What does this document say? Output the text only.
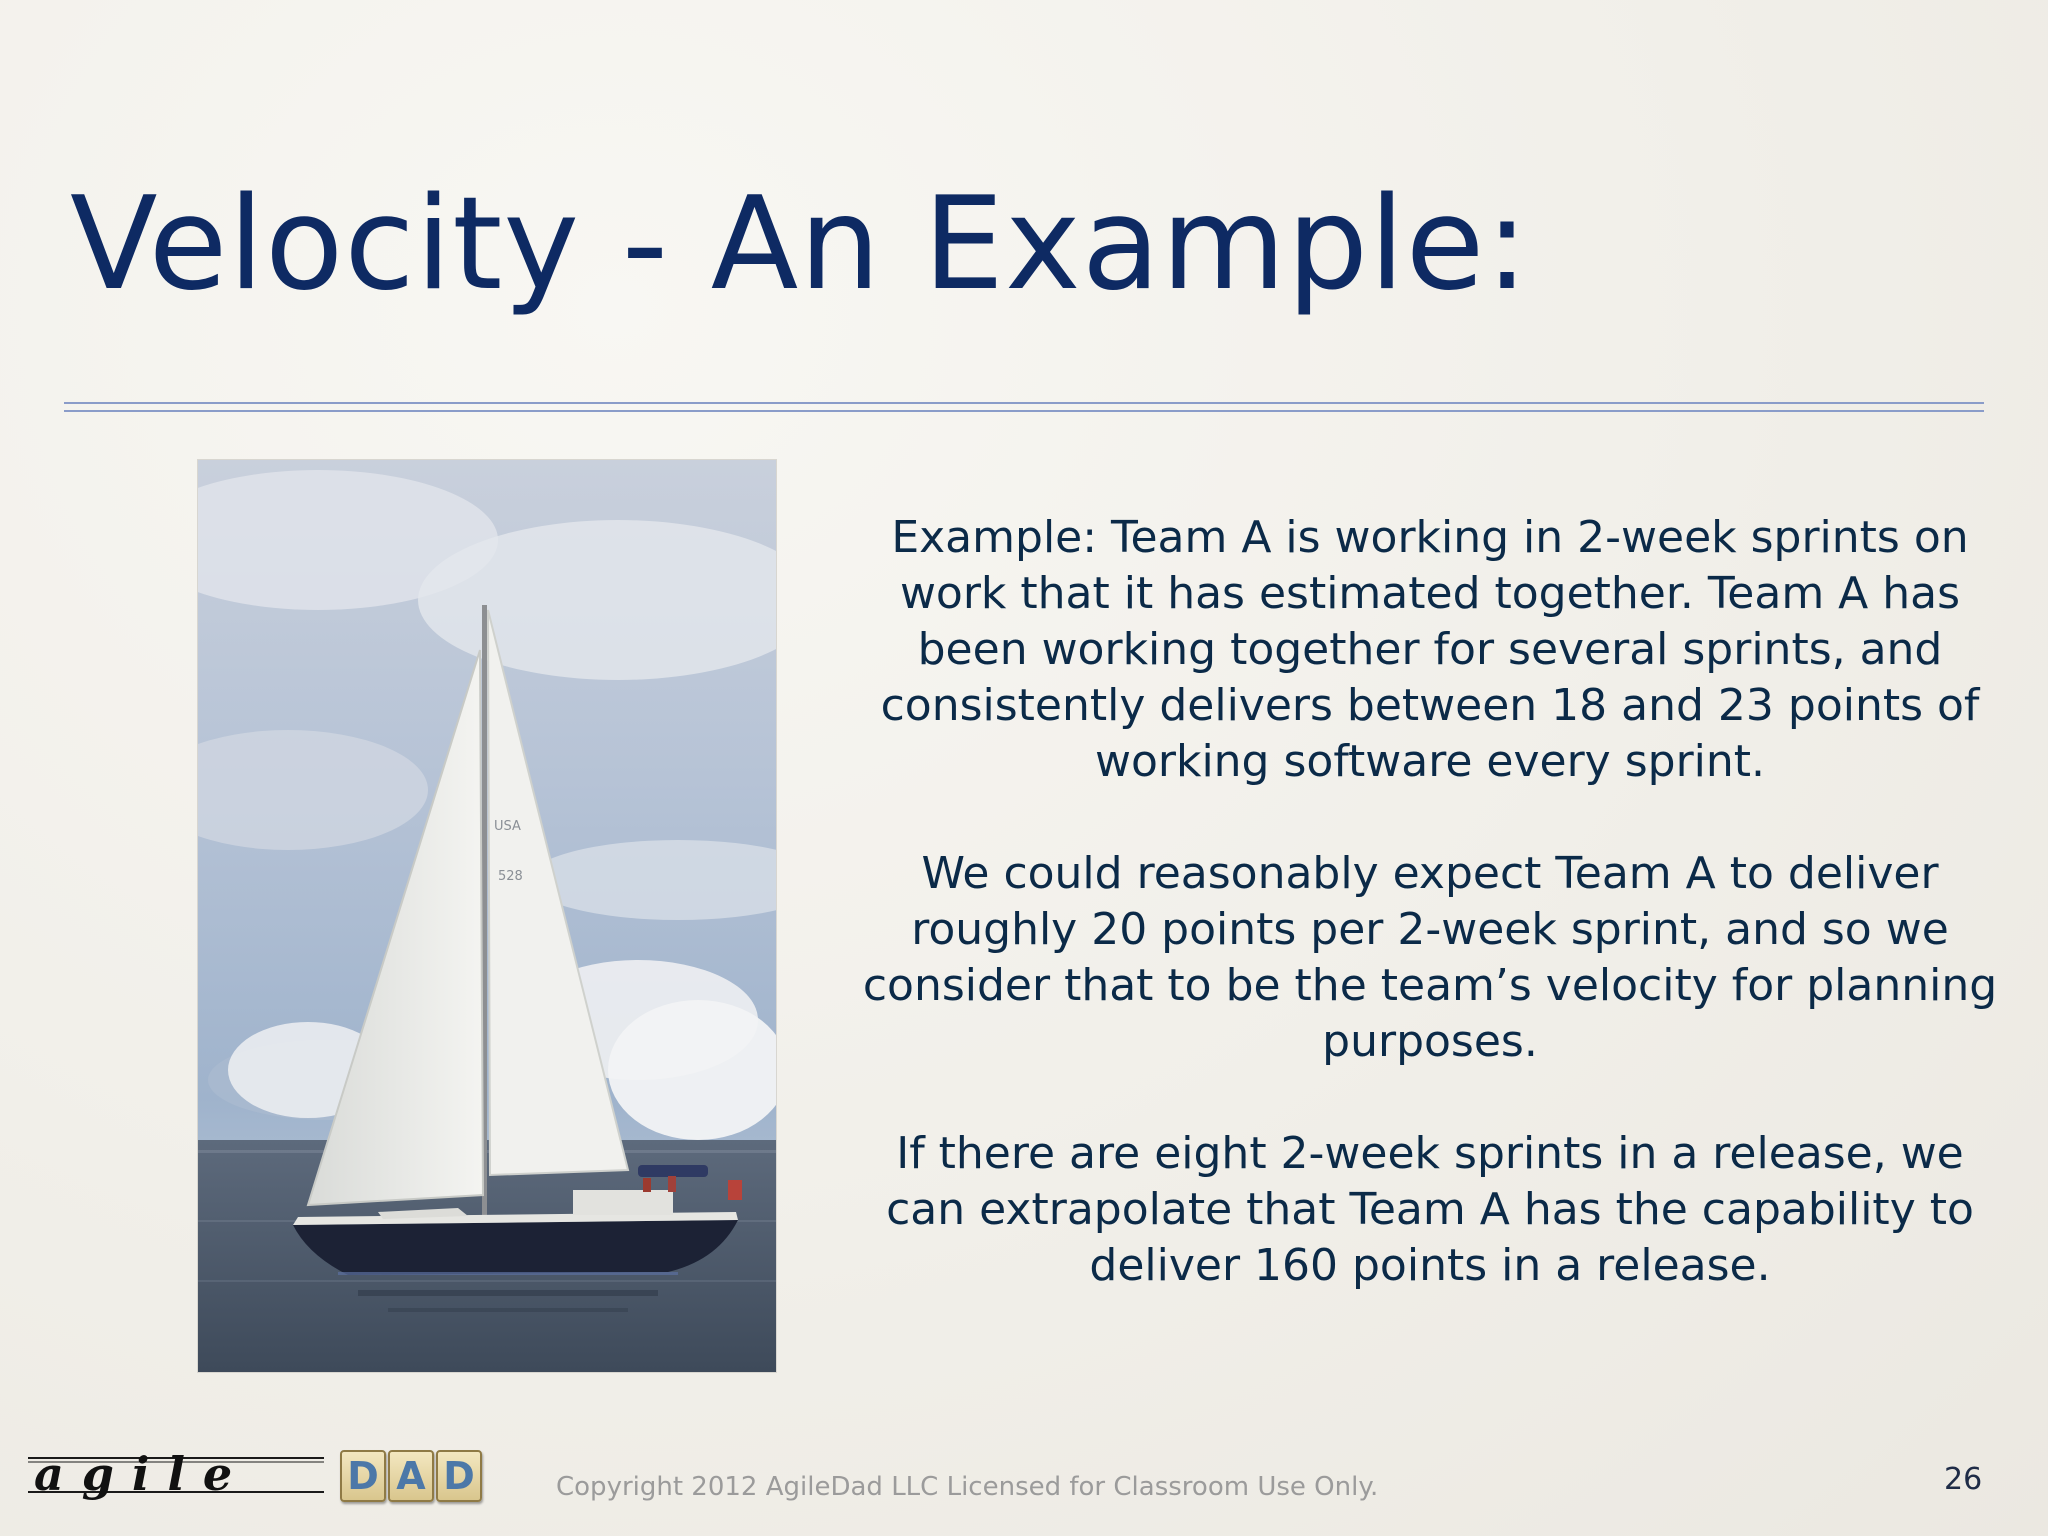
Velocity - An Example:
USA
528

Example: Team A is working in 2-week sprints on work that it has estimated together. Team A has been working together for several sprints, and consistently delivers between 18 and 23 points of working software every sprint.

We could reasonably expect Team A to deliver roughly 20 points per 2-week sprint, and so we consider that to be the team’s velocity for planning purposes.

If there are eight 2-week sprints in a release, we can extrapolate that Team A has the capability to deliver 160 points in a release.

agile	D A D	Copyright 2012 AgileDad LLC Licensed for Classroom Use Only.	26
